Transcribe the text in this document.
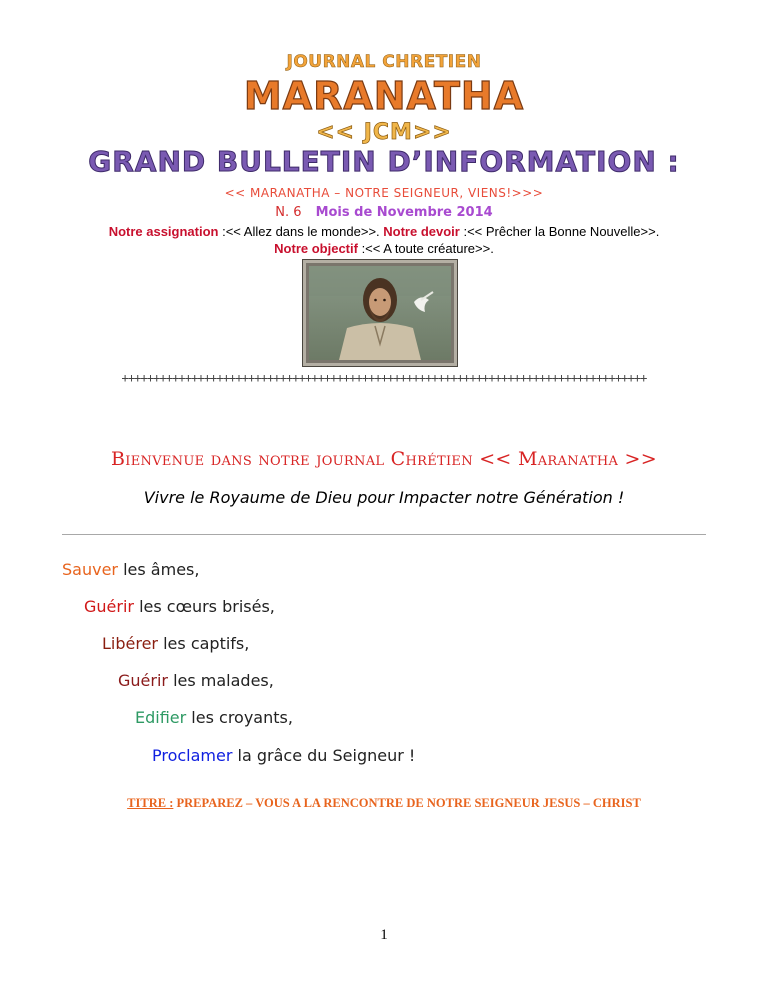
JOURNAL CHRETIEN
MARANATHA
<< JCM>>
GRAND BULLETIN D’INFORMATION :
<< MARANATHA – NOTRE SEIGNEUR, VIENS!>>>
N. 6 Mois de Novembre 2014
Notre assignation :<< Allez dans le monde>>. Notre devoir :<< Prêcher la Bonne Nouvelle>>.
Notre objectif :<< A toute créature>>.
+++++++++++++++++++++++++++++++++++++++++++++++++++++++++++++++++++++++++++++++++++
Bienvenue dans notre journal Chrétien << Maranatha >>
Vivre le Royaume de Dieu pour Impacter notre Génération !
Sauver les âmes,
Guérir les cœurs brisés,
Libérer les captifs,
Guérir les malades,
Edifier les croyants,
Proclamer la grâce du Seigneur !
TITRE : PREPAREZ – VOUS A LA RENCONTRE DE NOTRE SEIGNEUR JESUS – CHRIST
1
